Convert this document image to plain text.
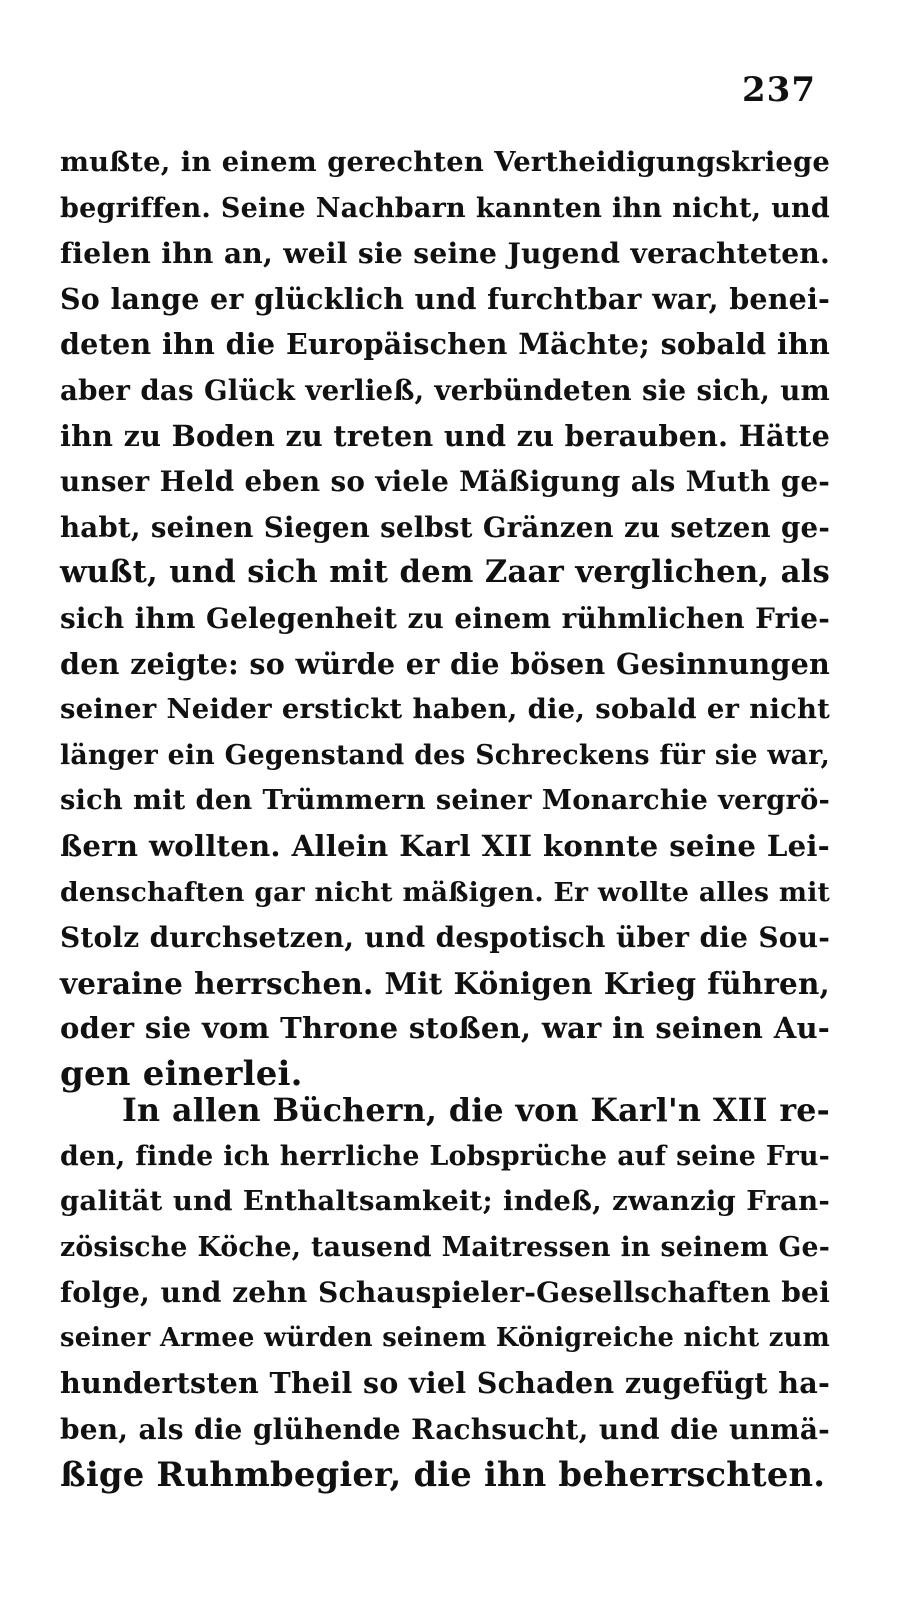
237
mußte, in einem gerechten Vertheidigungskriege
begriffen. Seine Nachbarn kannten ihn nicht, und
fielen ihn an, weil sie seine Jugend verachteten.
So lange er glücklich und furchtbar war, benei-
deten ihn die Europäischen Mächte; sobald ihn
aber das Glück verließ, verbündeten sie sich, um
ihn zu Boden zu treten und zu berauben. Hätte
unser Held eben so viele Mäßigung als Muth ge-
habt, seinen Siegen selbst Gränzen zu setzen ge-
wußt, und sich mit dem Zaar verglichen, als
sich ihm Gelegenheit zu einem rühmlichen Frie-
den zeigte: so würde er die bösen Gesinnungen
seiner Neider erstickt haben, die, sobald er nicht
länger ein Gegenstand des Schreckens für sie war,
sich mit den Trümmern seiner Monarchie vergrö-
ßern wollten. Allein Karl XII konnte seine Lei-
denschaften gar nicht mäßigen. Er wollte alles mit
Stolz durchsetzen, und despotisch über die Sou-
veraine herrschen. Mit Königen Krieg führen,
oder sie vom Throne stoßen, war in seinen Au-
gen einerlei.
In allen Büchern, die von Karl'n XII re-
den, finde ich herrliche Lobsprüche auf seine Fru-
galität und Enthaltsamkeit; indeß, zwanzig Fran-
zösische Köche, tausend Maitressen in seinem Ge-
folge, und zehn Schauspieler-Gesellschaften bei
seiner Armee würden seinem Königreiche nicht zum
hundertsten Theil so viel Schaden zugefügt ha-
ben, als die glühende Rachsucht, und die unmä-
ßige Ruhmbegier, die ihn beherrschten.
